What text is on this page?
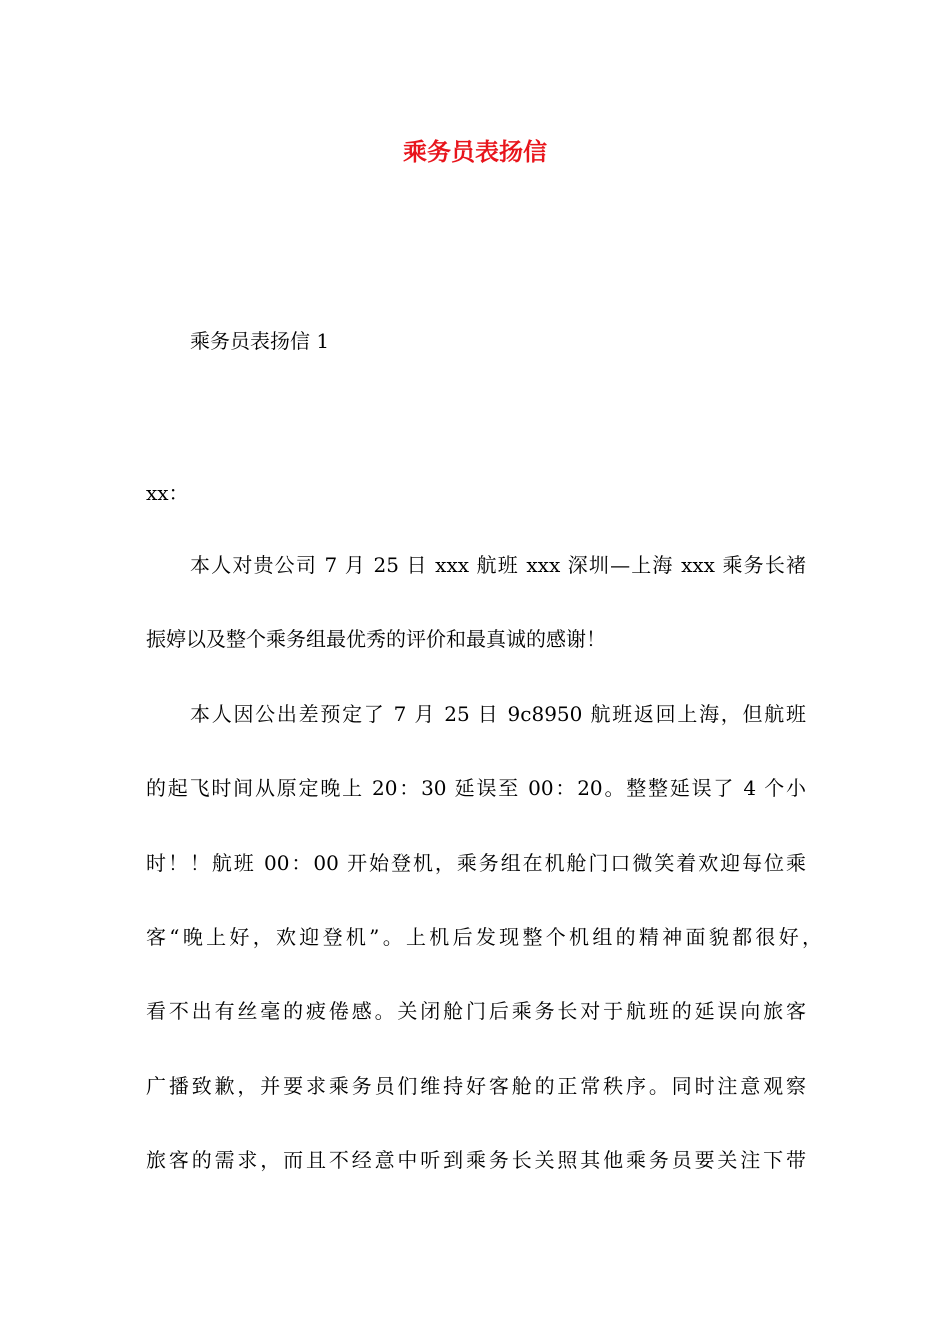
乘务员表扬信

乘务员表扬信 1

xx：

本人对贵公司 7 月 25 日 xxx 航班 xxx 深圳—上海 xxx 乘务长褚

振婷以及整个乘务组最优秀的评价和最真诚的感谢！

本人因公出差预定了 7 月 25 日 9c8950 航班返回上海，但航班

的起飞时间从原定晚上 20：30 延误至 00：20。整整延误了 4 个小

时！！航班 00：00 开始登机，乘务组在机舱门口微笑着欢迎每位乘

客“晚上好，欢迎登机”。上机后发现整个机组的精神面貌都很好，

看不出有丝毫的疲倦感。关闭舱门后乘务长对于航班的延误向旅客

广播致歉，并要求乘务员们维持好客舱的正常秩序。同时注意观察

旅客的需求，而且不经意中听到乘务长关照其他乘务员要关注下带
